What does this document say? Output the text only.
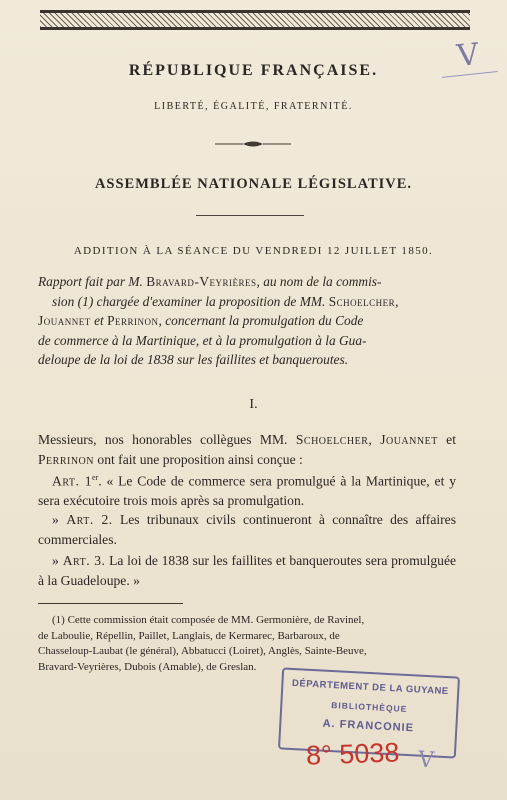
V
RÉPUBLIQUE FRANÇAISE.
LIBERTÉ, ÉGALITÉ, FRATERNITÉ.
ASSEMBLÉE NATIONALE LÉGISLATIVE.
ADDITION À LA SÉANCE DU VENDREDI 12 JUILLET 1850.
Rapport fait par M. Bravard-Veyrières, au nom de la commis-
sion (1) chargée d'examiner la proposition de MM. Schoelcher,
Jouannet et Perrinon, concernant la promulgation du Code
de commerce à la Martinique, et à la promulgation à la Gua-
deloupe de la loi de 1838 sur les faillites et banqueroutes.
I.
Messieurs, nos honorables collègues MM. Schoelcher, Jouannet et Perrinon ont fait une proposition ainsi conçue :
Art. 1er. « Le Code de commerce sera promulgué à la Martinique, et y sera exécutoire trois mois après sa promulgation.
» Art. 2. Les tribunaux civils continueront à connaître des affaires commerciales.
» Art. 3. La loi de 1838 sur les faillites et banqueroutes sera promulguée à la Guadeloupe. »
(1) Cette commission était composée de MM. Germonière, de Ravinel,
de Laboulie, Répellin, Paillet, Langlais, de Kermarec, Barbaroux, de
Chasseloup-Laubat (le général), Abbatucci (Loiret), Anglès, Sainte-Beuve,
Bravard-Veyrières, Dubois (Amable), de Greslan.
DÉPARTEMENT DE LA GUYANE
BIBLIOTHÈQUE
A. FRANCONIE
8° 5038 V
